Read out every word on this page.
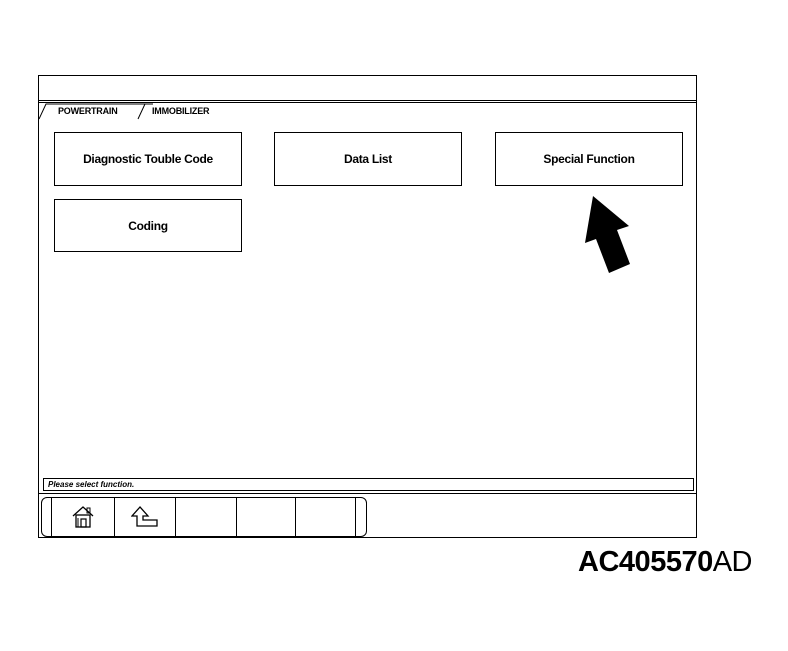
POWERTRAIN	IMMOBILIZER
Diagnostic Touble Code	Data List	Special Function
Coding
Please select function.
AC405570AD
